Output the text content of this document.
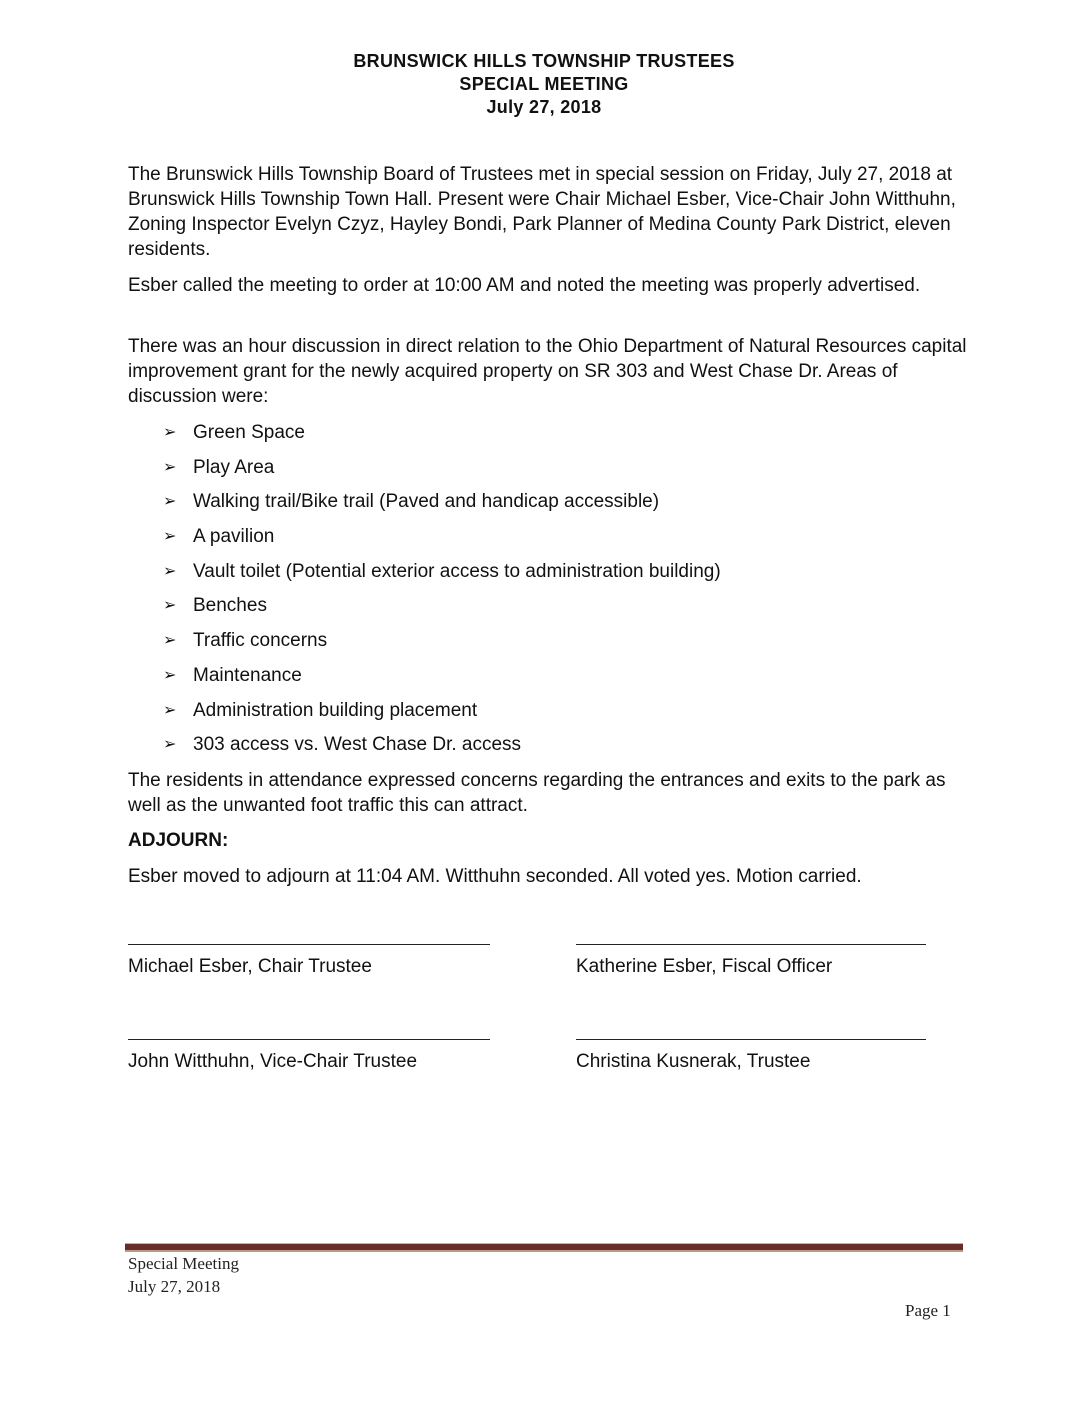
BRUNSWICK HILLS TOWNSHIP TRUSTEES
SPECIAL MEETING
July 27, 2018
The Brunswick Hills Township Board of Trustees met in special session on Friday, July 27, 2018 at Brunswick Hills Township Town Hall. Present were Chair Michael Esber, Vice-Chair John Witthuhn, Zoning Inspector Evelyn Czyz, Hayley Bondi, Park Planner of Medina County Park District, eleven residents.
Esber called the meeting to order at 10:00 AM and noted the meeting was properly advertised.
There was an hour discussion in direct relation to the Ohio Department of Natural Resources capital improvement grant for the newly acquired property on SR 303 and West Chase Dr. Areas of discussion were:
➢ Green Space
➢ Play Area
➢ Walking trail/Bike trail (Paved and handicap accessible)
➢ A pavilion
➢ Vault toilet (Potential exterior access to administration building)
➢ Benches
➢ Traffic concerns
➢ Maintenance
➢ Administration building placement
➢ 303 access vs. West Chase Dr. access
The residents in attendance expressed concerns regarding the entrances and exits to the park as well as the unwanted foot traffic this can attract.
ADJOURN:
Esber moved to adjourn at 11:04 AM. Witthuhn seconded. All voted yes. Motion carried.
Michael Esber, Chair Trustee	Katherine Esber, Fiscal Officer
John Witthuhn, Vice-Chair Trustee	Christina Kusnerak, Trustee
Special Meeting
July 27, 2018
Page 1
